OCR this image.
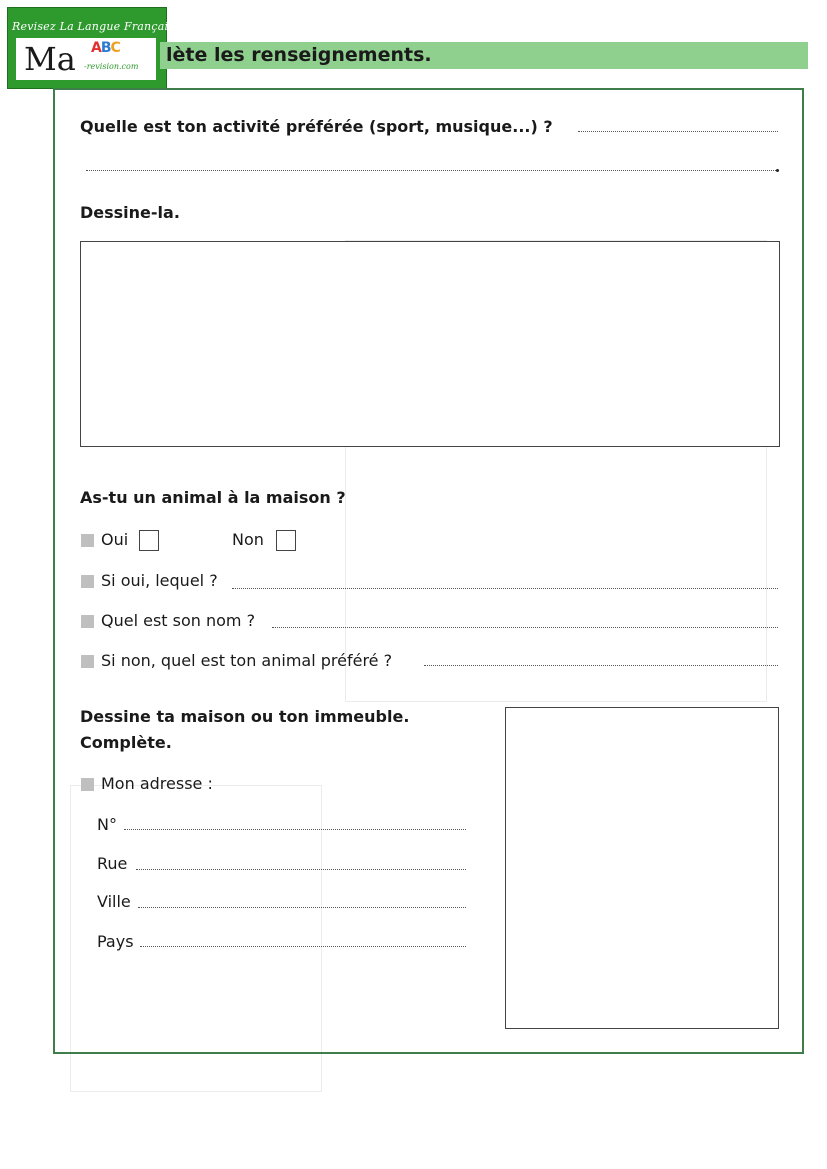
Revisez La Langue Française
Ma ABC
-revision.com
lète les renseignements.
Quelle est ton activité préférée (sport, musique...) ?
Dessine-la.
As-tu un animal à la maison ?
Oui	Non
Si oui, lequel ?
Quel est son nom ?
Si non, quel est ton animal préféré ?
Dessine ta maison ou ton immeuble.
Complète.
Mon adresse :
N°
Rue
Ville
Pays
